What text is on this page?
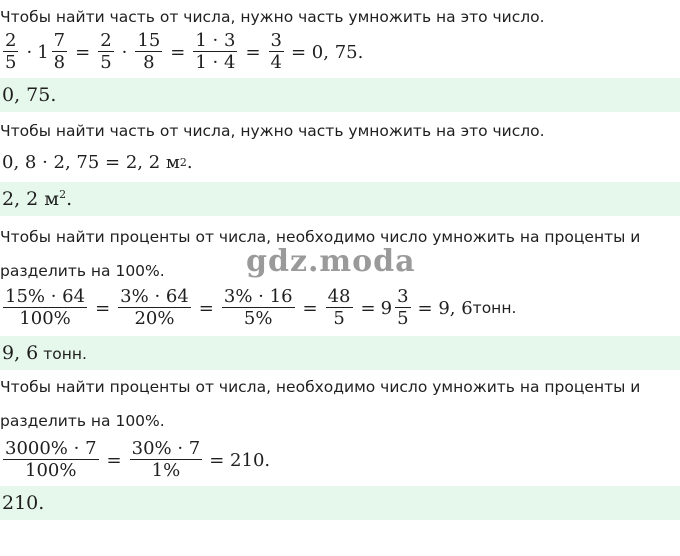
Чтобы найти часть от числа, нужно часть умножить на это число.
$\frac{2}{5} \cdot 1 \frac{7}{8} = \frac{2}{5} \cdot \frac{15}{8} = \frac{1 \cdot 3}{1 \cdot 4} = \frac{3}{4} = 0$, 75.
0, 75.
Чтобы найти часть от числа, нужно часть умножить на это число.
0, 8 · 2, 75 = 2, 2 м 2 .
2, 2 $м^2$.
Чтобы найти проценты от числа, необходимо число умножить на проценты и
разделить на 100%.	gdz.moda
$\frac{15\% \cdot 64}{100\%} = \frac{3\% \cdot 64}{20\%} = \frac{3\% \cdot 16}{5\%} = \frac{48}{5} = 9 \frac{3}{5} = 9$, 6 тонн.
9, 6 тонн.
Чтобы найти проценты от числа, необходимо число умножить на проценты и
разделить на 100%.
$\frac{3000\% \cdot 7}{100\%} = \frac{30\% \cdot 7}{1\%} = 210$.
210.
